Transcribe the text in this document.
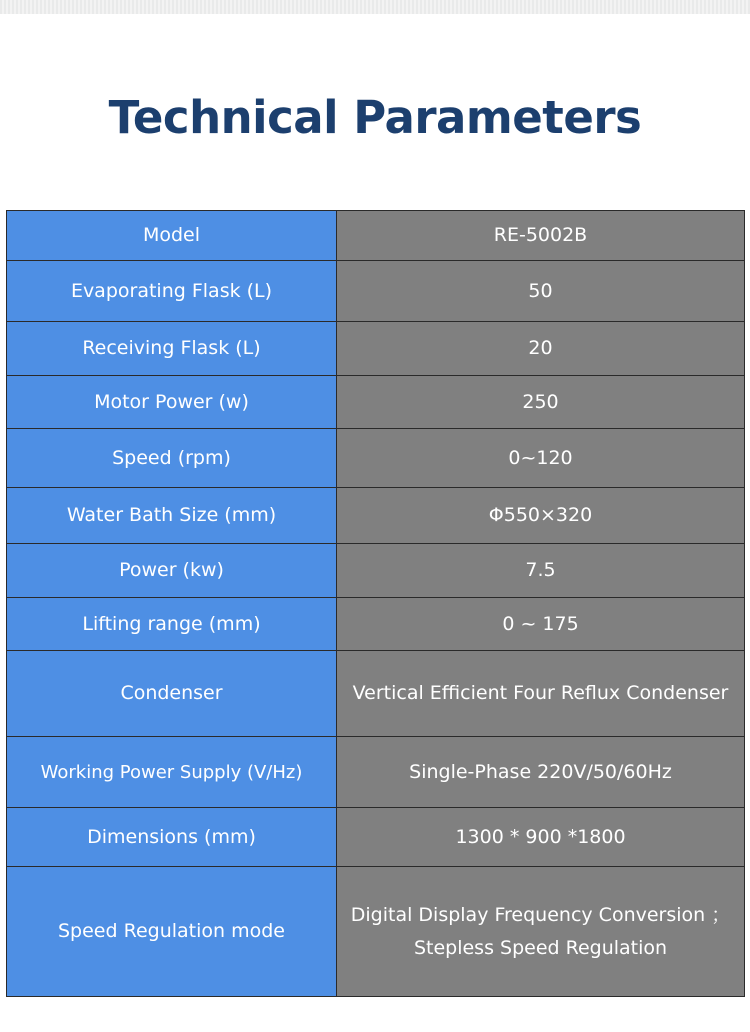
Technical Parameters
Model	RE-5002B
Evaporating Flask (L)	50
Receiving Flask (L)	20
Motor Power (w)	250
Speed (rpm)	0~120
Water Bath Size (mm)	Φ550×320
Power (kw)	7.5
Lifting range (mm)	0 ~ 175
Condenser	Vertical Efficient Four Reflux Condenser
Working Power Supply (V/Hz)	Single-Phase 220V/50/60Hz
Dimensions (mm)	1300 * 900 *1800
Speed Regulation mode	Digital Display Frequency Conversion ；Stepless Speed Regulation
